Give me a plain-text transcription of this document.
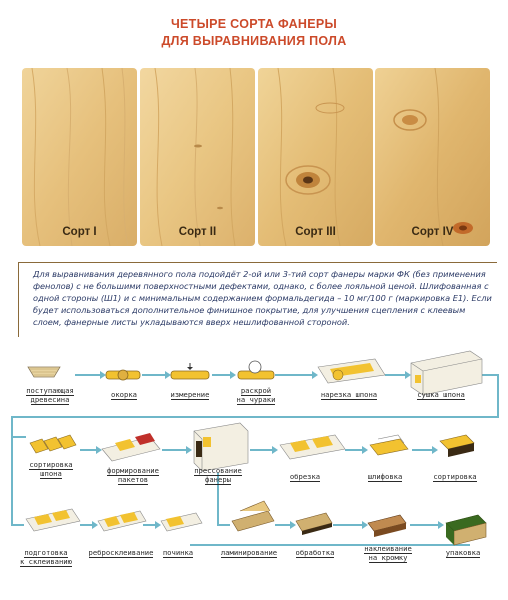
ЧЕТЫРЕ СОРТА ФАНЕРЫ
ДЛЯ ВЫРАВНИВАНИЯ ПОЛА
Сорт I	Сорт II	Сорт III	Сорт IV
Для выравнивания деревянного пола подойдёт 2-ой или 3-тий сорт фанеры марки ФК (без применения фенолов) с не большими поверхностными дефектами, однако, с более лояльной ценой. Шлифованная с одной стороны (Ш1) и с минимальным содержанием формальдегида – 10 мг/100 г (маркировка Е1). Если будет использоваться дополнительное финишное покрытие, для улучшения сцепления с клеевым слоем, фанерные листы укладываются вверх нешлифованной стороной.
поступающая
древесина
окорка	измерение	раскрой
на чураки
нарезка шпона	сушка шпона
сортировка
шпона	формирование
пакетов
прессование
фанеры	обрезка	шлифовка	сортировка
подготовка
к склеиванию
ребросклеивание	починка	ламинирование	обработка	наклеивание
на кромку
упаковка
